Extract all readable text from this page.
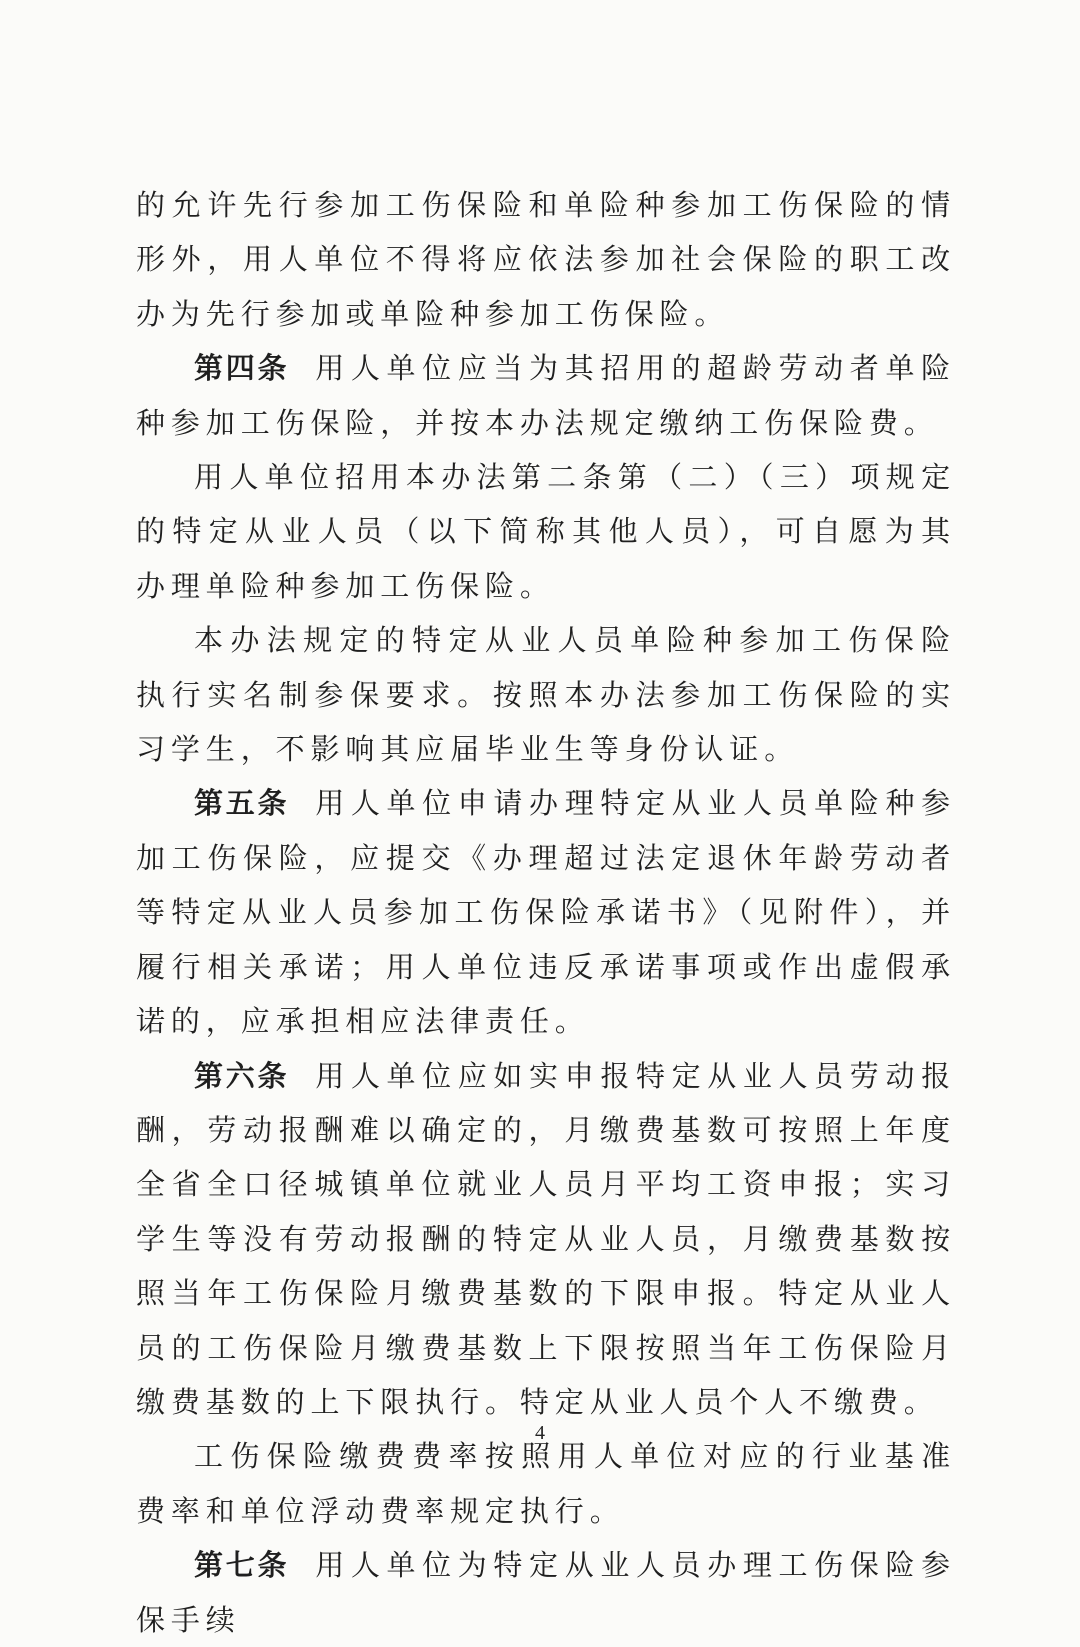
的允许先行参加工伤保险和单险种参加工伤保险的情形外，用人单位不得将应依法参加社会保险的职工改办为先行参加或单险种参加工伤保险。

第四条 用人单位应当为其招用的超龄劳动者单险种参加工伤保险，并按本办法规定缴纳工伤保险费。

用人单位招用本办法第二条第（二）（三）项规定的特定从业人员（以下简称其他人员），可自愿为其办理单险种参加工伤保险。

本办法规定的特定从业人员单险种参加工伤保险执行实名制参保要求。按照本办法参加工伤保险的实习学生，不影响其应届毕业生等身份认证。

第五条 用人单位申请办理特定从业人员单险种参加工伤保险，应提交《办理超过法定退休年龄劳动者等特定从业人员参加工伤保险承诺书》（见附件），并履行相关承诺；用人单位违反承诺事项或作出虚假承诺的，应承担相应法律责任。

第六条 用人单位应如实申报特定从业人员劳动报酬，劳动报酬难以确定的，月缴费基数可按照上年度全省全口径城镇单位就业人员月平均工资申报；实习学生等没有劳动报酬的特定从业人员，月缴费基数按照当年工伤保险月缴费基数的下限申报。特定从业人员的工伤保险月缴费基数上下限按照当年工伤保险月缴费基数的上下限执行。特定从业人员个人不缴费。

工伤保险缴费费率按照用人单位对应的行业基准费率和单位浮动费率规定执行。

第七条 用人单位为特定从业人员办理工伤保险参保手续

4
